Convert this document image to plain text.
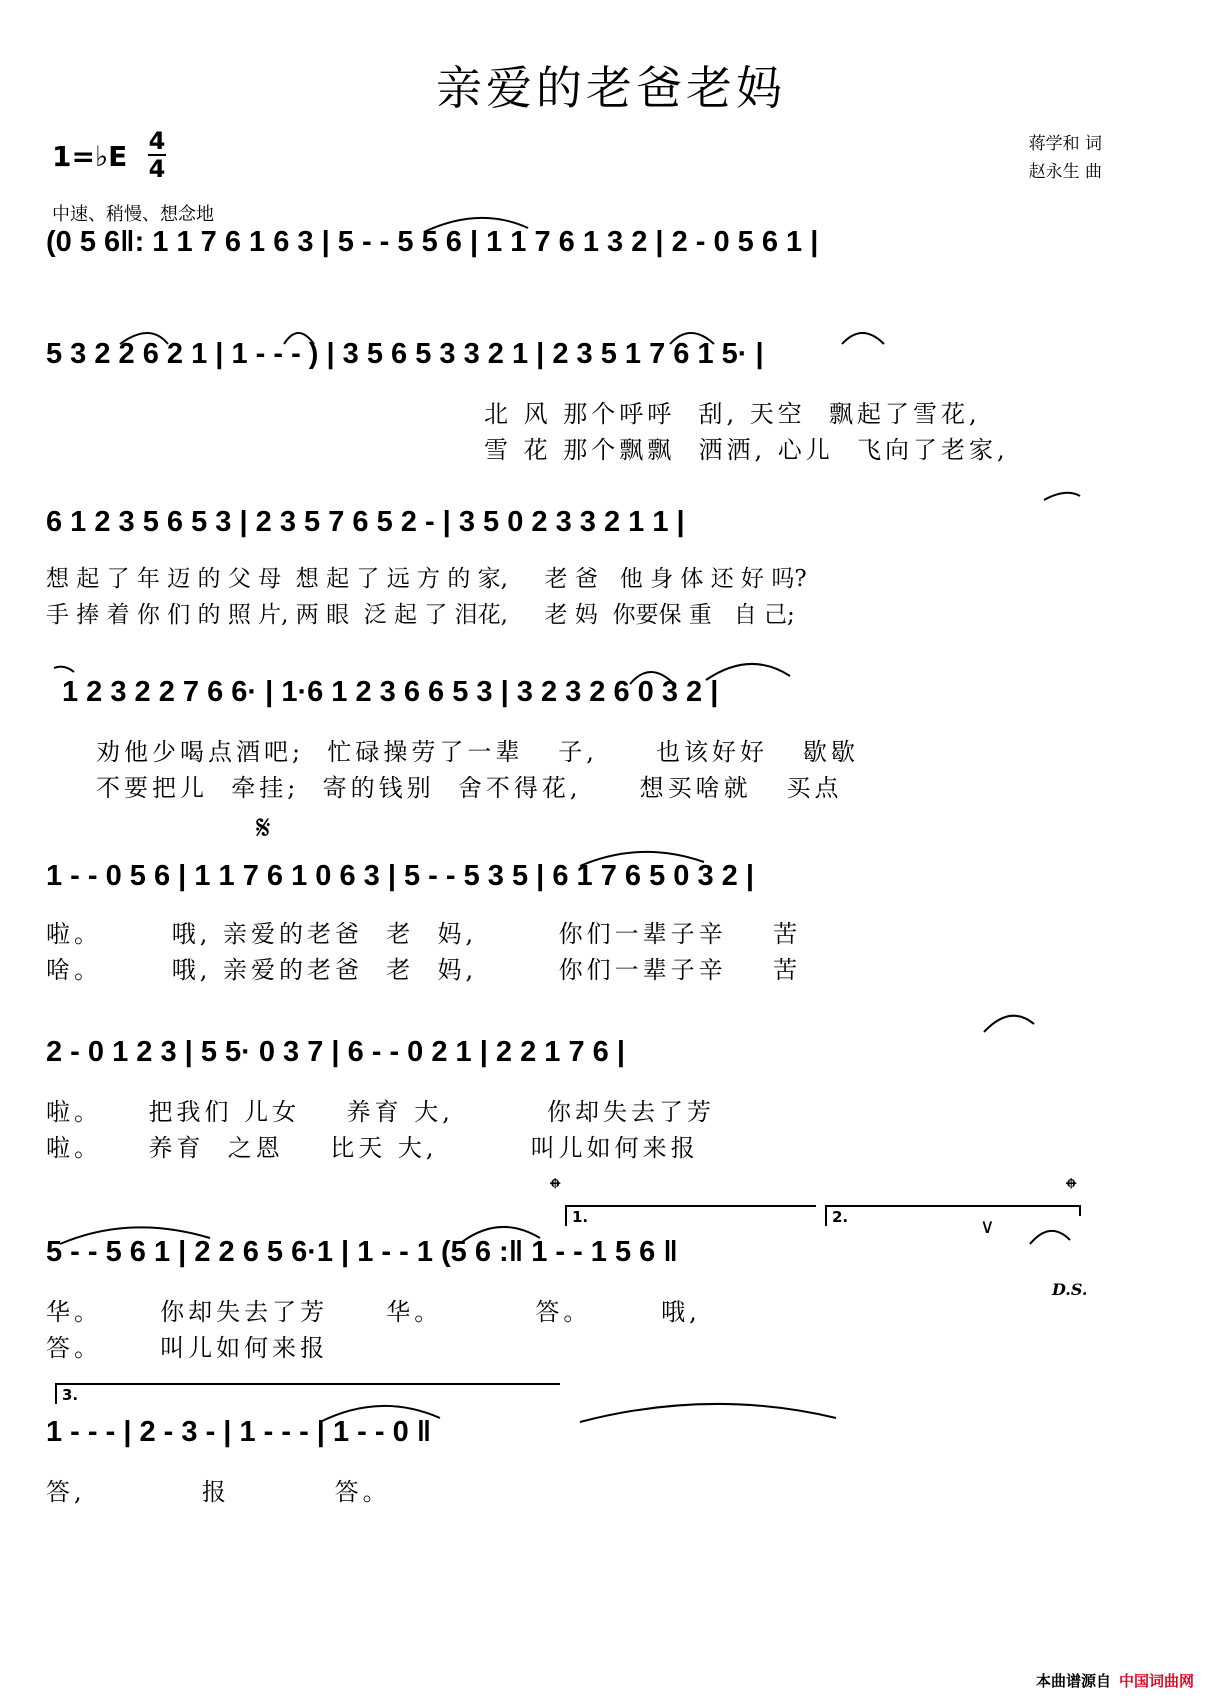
亲爱的老爸老妈
1=♭E 4
4
蒋学和 词
赵永生 曲
中速、稍慢、想念地
(0 5 6‖: 1 1 7 6 1 6 3 | 5 - - 5 5 6 | 1 1 7 6 1 3 2 | 2 - 0 5 6 1 |
5 3 2 2 6 2 1 | 1 - - - ) | 3 5 6 5 3 3 2 1 | 2 3 5 1 7 6 1 5· |
北 风 那个呼呼  刮, 天空  飘起了雪花,
雪 花 那个飘飘  洒洒, 心儿  飞向了老家,
6 1 2 3 5 6 5 3 | 2 3 5 7 6 5 2 - | 3 5 0 2 3 3 2 1 1 |
想 起 了 年 迈 的 父 母  想 起 了 远 方 的 家,     老 爸   他 身 体 还 好 吗?
手 捧 着 你 们 的 照 片, 两 眼  泛 起 了 泪花,     老 妈  你要保 重   自 己;
1 2 3 2 2 7 6 6· | 1·6 1 2 3 6 6 5 3 | 3 2 3 2 6 0 3 2 |
劝他少喝点酒吧;  忙碌操劳了一辈   子,     也该好好   歇歇
不要把儿  牵挂;  寄的钱别  舍不得花,     想买啥就   买点
𝄋
1 - - 0 5 6 | 1 1 7 6 1 0 6 3 | 5 - - 5 3 5 | 6 1 7 6 5 0 3 2 |
啦。      哦, 亲爱的老爸  老  妈,       你们一辈子辛    苦
啥。      哦, 亲爱的老爸  老  妈,       你们一辈子辛    苦
2 - 0 1 2 3 | 5 5· 0 3 7 | 6 - - 0 2 1 | 2 2 1 7 6 |
啦。    把我们 儿女    养育 大,        你却失去了芳
啦。    养育  之恩    比天 大,        叫儿如何来报
𝄌	𝄌
1.	2.	∨
5 - - 5 6 1 | 2 2 6 5 6·1 | 1 - - 1 (5 6 :‖ 1 - - 1 5 6 ‖
D.S.
华。     你却失去了芳     华。        答。      哦,
答。     叫儿如何来报
3.
1 - - - | 2 - 3 - | 1 - - - | 1 - - 0 ‖
答,          报         答。
本曲谱源自 中国词曲网
